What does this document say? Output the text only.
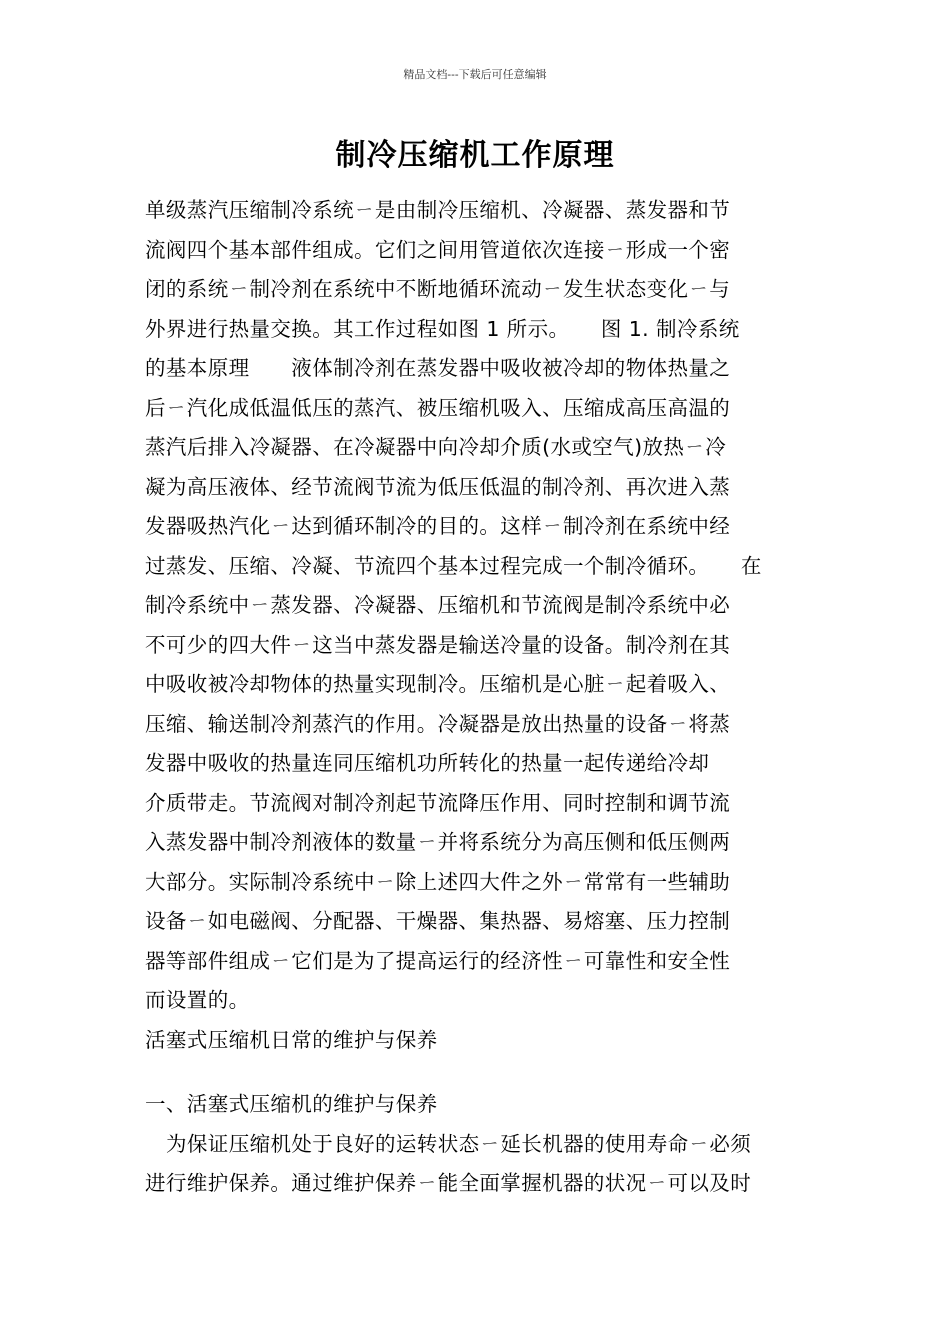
精品文档---下载后可任意编辑
制冷压缩机工作原理
单级蒸汽压缩制冷系统ㄧ是由制冷压缩机、冷凝器、蒸发器和节
流阀四个基本部件组成。它们之间用管道依次连接ㄧ形成一个密
闭的系统ㄧ制冷剂在系统中不断地循环流动ㄧ发生状态变化ㄧ与
外界进行热量交换。其工作过程如图 1 所示。　　图 1. 制冷系统
的基本原理　　液体制冷剂在蒸发器中吸收被冷却的物体热量之
后ㄧ汽化成低温低压的蒸汽、被压缩机吸入、压缩成高压高温的
蒸汽后排入冷凝器、在冷凝器中向冷却介质(水或空气)放热ㄧ冷
凝为高压液体、经节流阀节流为低压低温的制冷剂、再次进入蒸
发器吸热汽化ㄧ达到循环制冷的目的。这样ㄧ制冷剂在系统中经
过蒸发、压缩、冷凝、节流四个基本过程完成一个制冷循环。　　在
制冷系统中ㄧ蒸发器、冷凝器、压缩机和节流阀是制冷系统中必
不可少的四大件ㄧ这当中蒸发器是输送冷量的设备。制冷剂在其
中吸收被冷却物体的热量实现制冷。压缩机是心脏ㄧ起着吸入、
压缩、输送制冷剂蒸汽的作用。冷凝器是放出热量的设备ㄧ将蒸
发器中吸收的热量连同压缩机功所转化的热量一起传递给冷却
介质带走。节流阀对制冷剂起节流降压作用、同时控制和调节流
入蒸发器中制冷剂液体的数量ㄧ并将系统分为高压侧和低压侧两
大部分。实际制冷系统中ㄧ除上述四大件之外ㄧ常常有一些辅助
设备ㄧ如电磁阀、分配器、干燥器、集热器、易熔塞、压力控制
器等部件组成ㄧ它们是为了提高运行的经济性ㄧ可靠性和安全性
而设置的。
活塞式压缩机日常的维护与保养
一、活塞式压缩机的维护与保养
为保证压缩机处于良好的运转状态ㄧ延长机器的使用寿命ㄧ必须
进行维护保养。通过维护保养ㄧ能全面掌握机器的状况ㄧ可以及时
